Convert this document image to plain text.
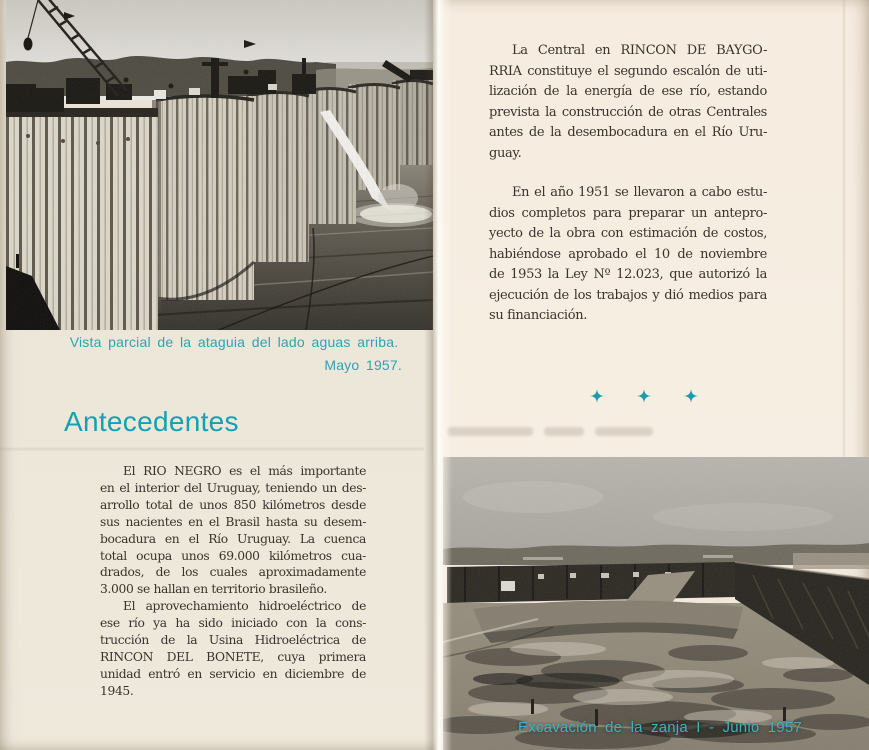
Vista parcial de la ataguia del lado aguas arriba.
Mayo 1957.
Antecedentes
El RIO NEGRO es el más importante
en el interior del Uruguay, teniendo un des-
arrollo total de unos 850 kilómetros desde
sus nacientes en el Brasil hasta su desem-
bocadura en el Río Uruguay. La cuenca
total ocupa unos 69.000 kilómetros cua-
drados, de los cuales aproximadamente
3.000 se hallan en territorio brasileño.
El aprovechamiento hidroeléctrico de
ese río ya ha sido iniciado con la cons-
trucción de la Usina Hidroeléctrica de
RINCON DEL BONETE, cuya primera
unidad entró en servicio en diciembre de
1945.
La Central en RINCON DE BAYGO-
RRIA constituye el segundo escalón de uti-
lización de la energía de ese río, estando
prevista la construcción de otras Centrales
antes de la desembocadura en el Río Uru-
guay.
En el año 1951 se llevaron a cabo estu-
dios completos para preparar un antepro-
yecto de la obra con estimación de costos,
habiéndose aprobado el 10 de noviembre
de 1953 la Ley Nº 12.023, que autorizó la
ejecución de los trabajos y dió medios para
su financiación.
Excavación de la zanja I - Junio 1957
